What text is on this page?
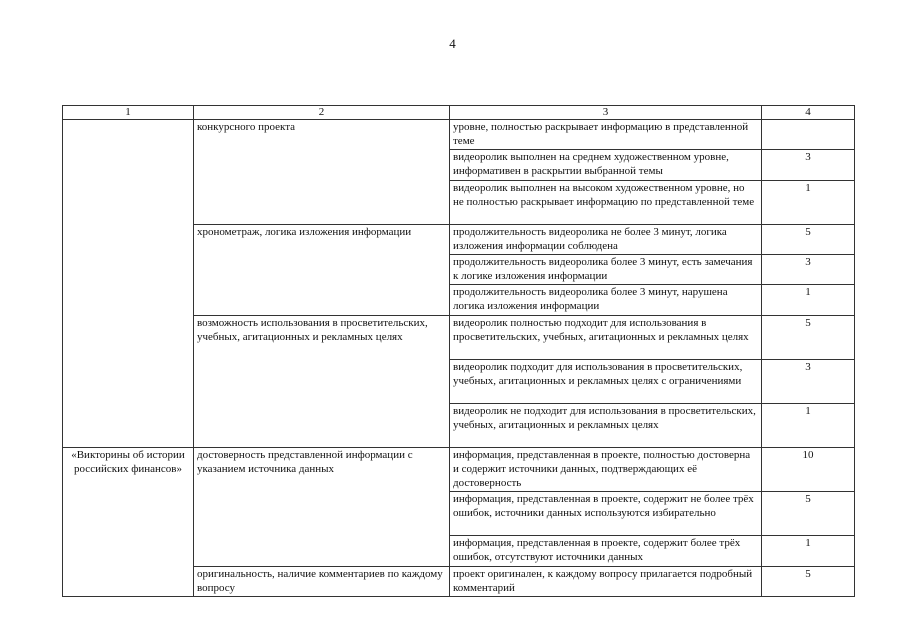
4
1	2	3	4
	конкурсного проекта	уровне, полностью раскрывает информацию в представленной теме	
		видеоролик выполнен на среднем художественном уровне, информативен в раскрытии выбранной темы	3
		видеоролик выполнен на высоком художественном уровне, но не полностью раскрывает информацию по представленной теме	1
	хронометраж, логика изложения информации	продолжительность видеоролика не более 3 минут, логика изложения информации соблюдена	5
		продолжительность видеоролика более 3 минут, есть замечания к логике изложения информации	3
		продолжительность видеоролика более 3 минут, нарушена логика изложения информации	1
	возможность использования в просветительских, учебных, агитационных и рекламных целях	видеоролик полностью подходит для использования в просветительских, учебных, агитационных и рекламных целях	5
		видеоролик подходит для использования в просветительских, учебных, агитационных и рекламных целях с ограничениями	3
		видеоролик не подходит для использования в просветительских, учебных, агитационных и рекламных целях	1
«Викторины об истории российских финансов»	достоверность представленной информации с указанием источника данных	информация, представленная в проекте, полностью достоверна и содержит источники данных, подтверждающих её достоверность	10
		информация, представленная в проекте, содержит не более трёх ошибок, источники данных используются избирательно	5
		информация, представленная в проекте, содержит более трёх ошибок, отсутствуют источники данных	1
	оригинальность, наличие комментариев по каждому вопросу	проект оригинален, к каждому вопросу прилагается подробный комментарий	5
